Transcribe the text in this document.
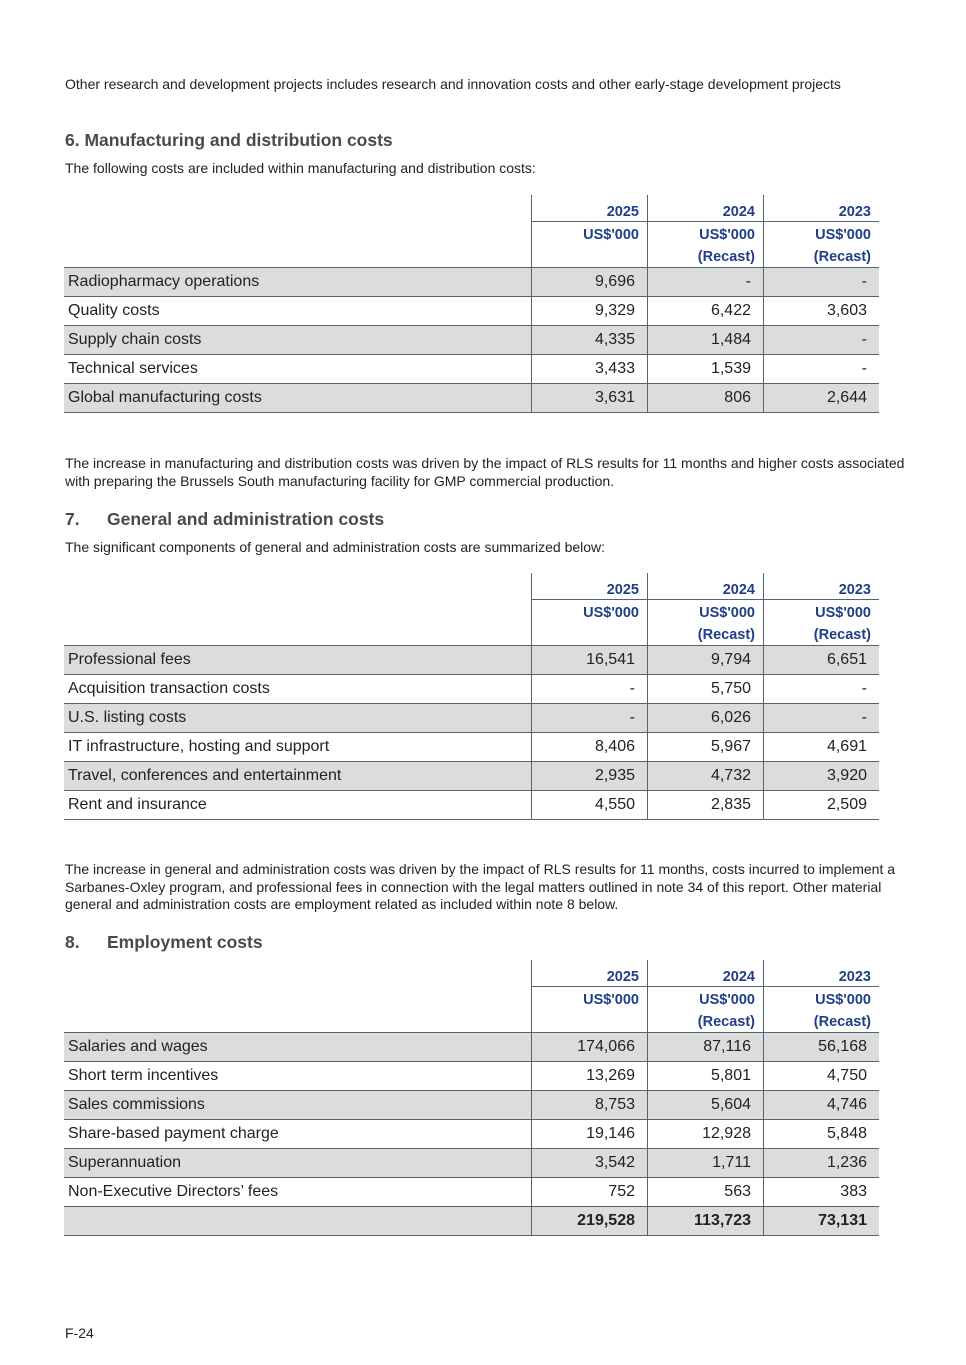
Other research and development projects includes research and innovation costs and other early-stage development projects
6. Manufacturing and distribution costs
The following costs are included within manufacturing and distribution costs:
	2025	2024	2023
	US$'000	US$'000	US$'000
		(Recast)	(Recast)
Radiopharmacy operations	9,696	-	-
Quality costs	9,329	6,422	3,603
Supply chain costs	4,335	1,484	-
Technical services	3,433	1,539	-
Global manufacturing costs	3,631	806	2,644
The increase in manufacturing and distribution costs was driven by the impact of RLS results for 11 months and higher costs associated with preparing the Brussels South manufacturing facility for GMP commercial production.
7. General and administration costs
The significant components of general and administration costs are summarized below:
	2025	2024	2023
	US$'000	US$'000	US$'000
		(Recast)	(Recast)
Professional fees	16,541	9,794	6,651
Acquisition transaction costs	-	5,750	-
U.S. listing costs	-	6,026	-
IT infrastructure, hosting and support	8,406	5,967	4,691
Travel, conferences and entertainment	2,935	4,732	3,920
Rent and insurance	4,550	2,835	2,509
The increase in general and administration costs was driven by the impact of RLS results for 11 months, costs incurred to implement a Sarbanes-Oxley program, and professional fees in connection with the legal matters outlined in note 34 of this report. Other material general and administration costs are employment related as included within note 8 below.
8. Employment costs
	2025	2024	2023
	US$'000	US$'000	US$'000
		(Recast)	(Recast)
Salaries and wages	174,066	87,116	56,168
Short term incentives	13,269	5,801	4,750
Sales commissions	8,753	5,604	4,746
Share-based payment charge	19,146	12,928	5,848
Superannuation	3,542	1,711	1,236
Non-Executive Directors’ fees	752	563	383
	219,528	113,723	73,131
F-24
